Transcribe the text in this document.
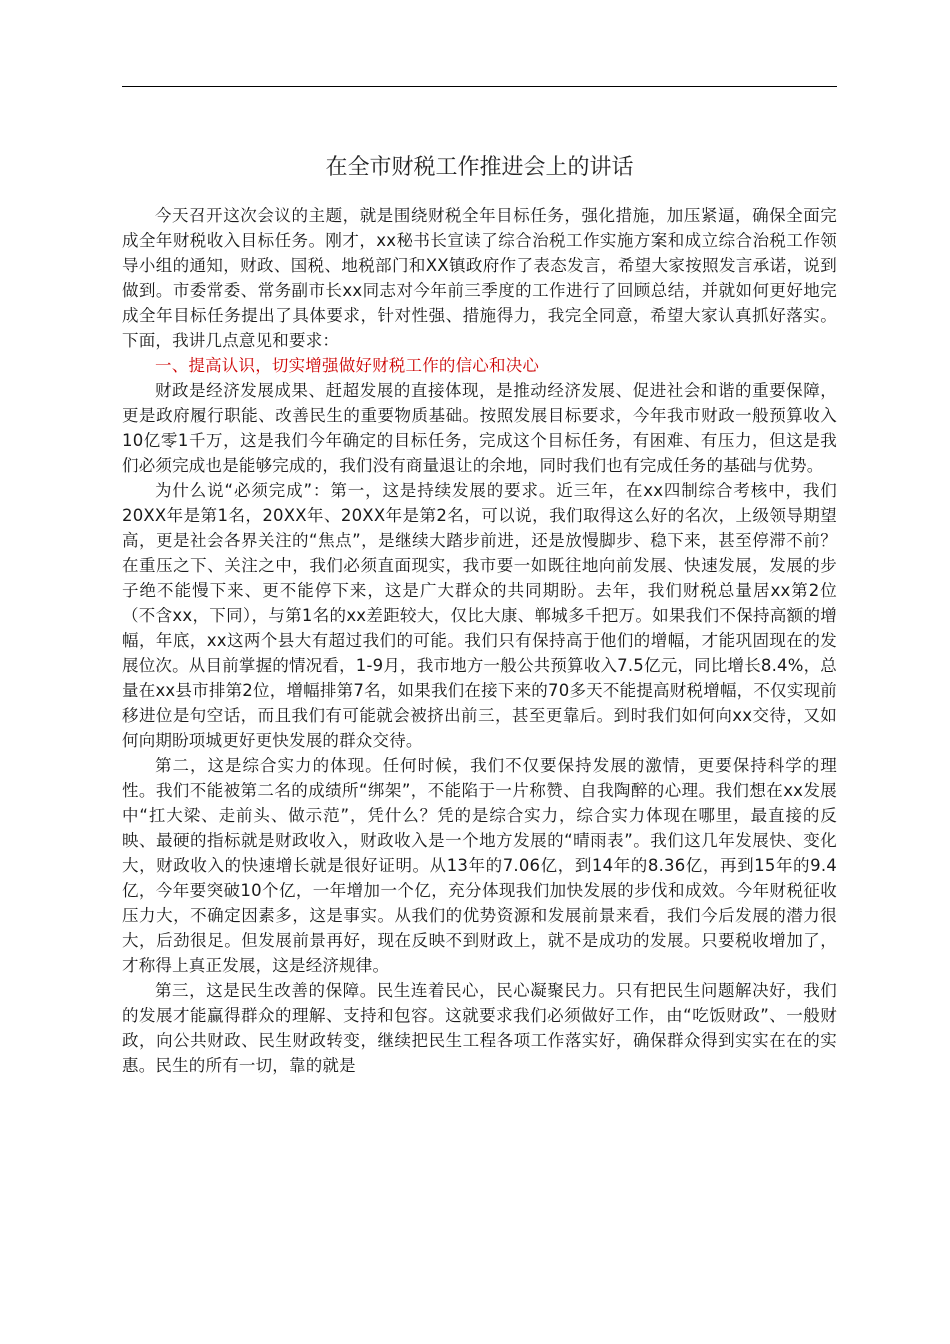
在全市财税工作推进会上的讲话

今天召开这次会议的主题，就是围绕财税全年目标任务，强化措施，加压紧逼，确保全面完成全年财税收入目标任务。刚才，xx秘书长宣读了综合治税工作实施方案和成立综合治税工作领导小组的通知，财政、国税、地税部门和XX镇政府作了表态发言，希望大家按照发言承诺，说到做到。市委常委、常务副市长xx同志对今年前三季度的工作进行了回顾总结，并就如何更好地完成全年目标任务提出了具体要求，针对性强、措施得力，我完全同意，希望大家认真抓好落实。下面，我讲几点意见和要求：

一、提高认识，切实增强做好财税工作的信心和决心

财政是经济发展成果、赶超发展的直接体现，是推动经济发展、促进社会和谐的重要保障，更是政府履行职能、改善民生的重要物质基础。按照发展目标要求，今年我市财政一般预算收入10亿零1千万，这是我们今年确定的目标任务，完成这个目标任务，有困难、有压力，但这是我们必须完成也是能够完成的，我们没有商量退让的余地，同时我们也有完成任务的基础与优势。

为什么说“必须完成”：第一，这是持续发展的要求。近三年，在xx四制综合考核中，我们20XX年是第1名，20XX年、20XX年是第2名，可以说，我们取得这么好的名次，上级领导期望高，更是社会各界关注的“焦点”，是继续大踏步前进，还是放慢脚步、稳下来，甚至停滞不前？在重压之下、关注之中，我们必须直面现实，我市要一如既往地向前发展、快速发展，发展的步子绝不能慢下来、更不能停下来，这是广大群众的共同期盼。去年，我们财税总量居xx第2位（不含xx，下同），与第1名的xx差距较大，仅比大康、郸城多千把万。如果我们不保持高额的增幅，年底，xx这两个县大有超过我们的可能。我们只有保持高于他们的增幅，才能巩固现在的发展位次。从目前掌握的情况看，1-9月，我市地方一般公共预算收入7.5亿元，同比增长8.4%，总量在xx县市排第2位，增幅排第7名，如果我们在接下来的70多天不能提高财税增幅，不仅实现前移进位是句空话，而且我们有可能就会被挤出前三，甚至更靠后。到时我们如何向xx交待，又如何向期盼项城更好更快发展的群众交待。

第二，这是综合实力的体现。任何时候，我们不仅要保持发展的激情，更要保持科学的理性。我们不能被第二名的成绩所“绑架”，不能陷于一片称赞、自我陶醉的心理。我们想在xx发展中“扛大梁、走前头、做示范”，凭什么？凭的是综合实力，综合实力体现在哪里，最直接的反映、最硬的指标就是财政收入，财政收入是一个地方发展的“晴雨表”。我们这几年发展快、变化大，财政收入的快速增长就是很好证明。从13年的7.06亿，到14年的8.36亿，再到15年的9.4亿，今年要突破10个亿，一年增加一个亿，充分体现我们加快发展的步伐和成效。今年财税征收压力大，不确定因素多，这是事实。从我们的优势资源和发展前景来看，我们今后发展的潜力很大，后劲很足。但发展前景再好，现在反映不到财政上，就不是成功的发展。只要税收增加了，才称得上真正发展，这是经济规律。

第三，这是民生改善的保障。民生连着民心，民心凝聚民力。只有把民生问题解决好，我们的发展才能赢得群众的理解、支持和包容。这就要求我们必须做好工作，由“吃饭财政”、一般财政，向公共财政、民生财政转变，继续把民生工程各项工作落实好，确保群众得到实实在在的实惠。民生的所有一切，靠的就是
